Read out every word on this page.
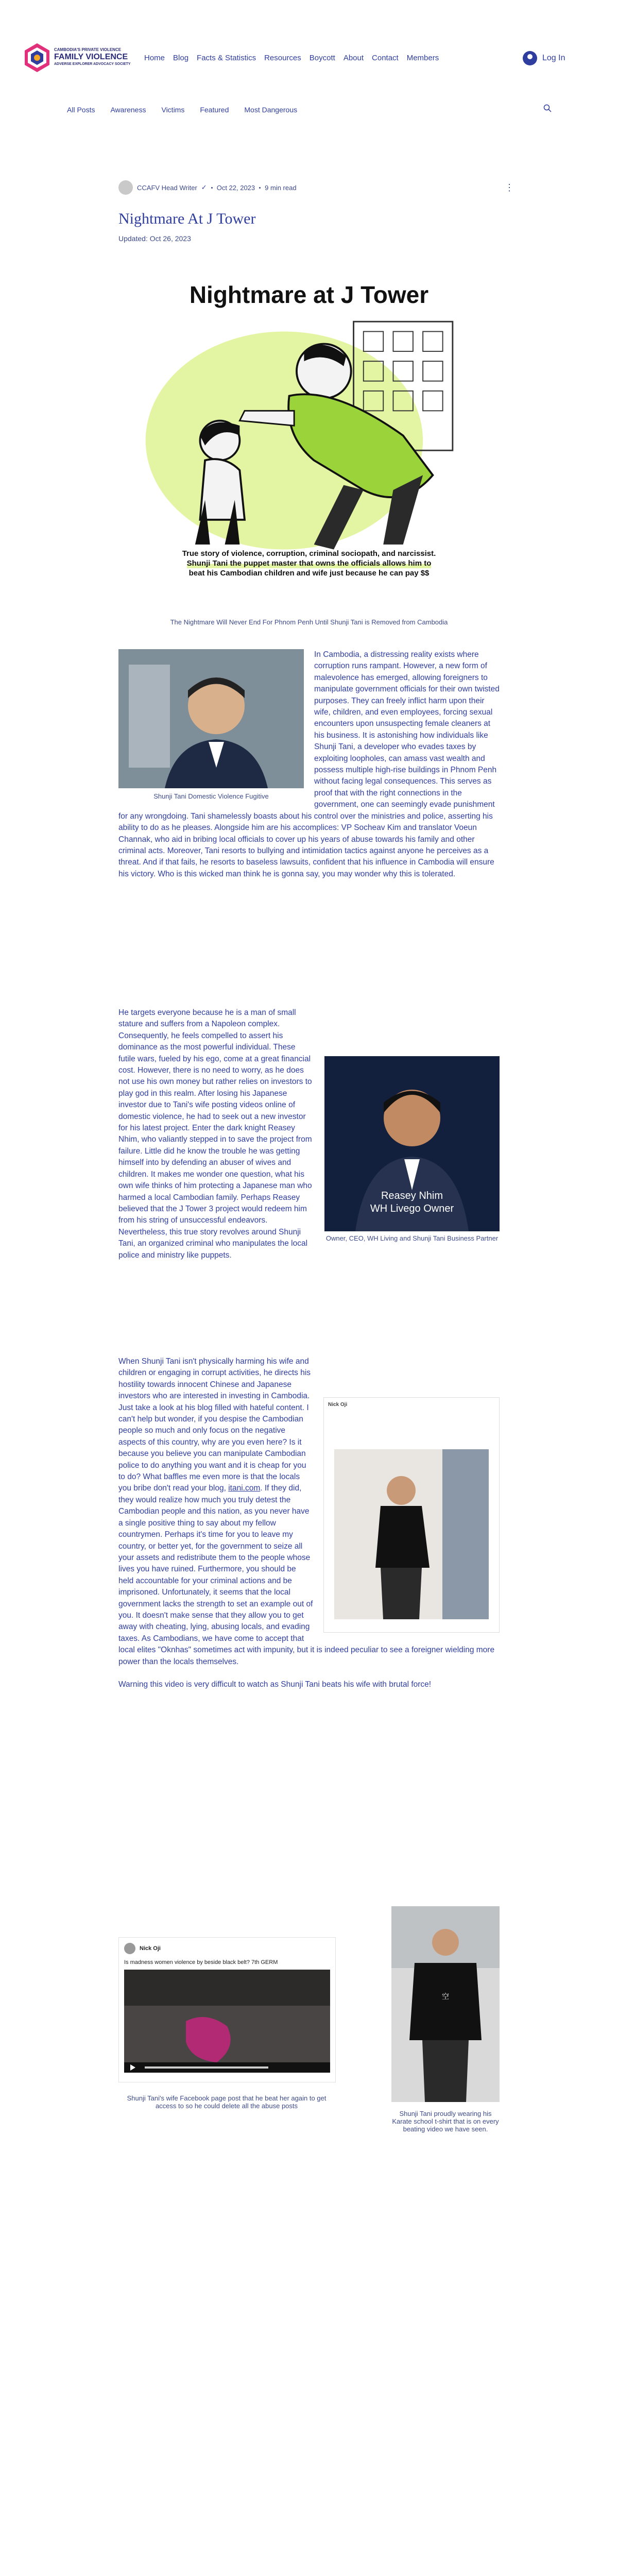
CAMBODIA'S PRIVATE VIOLENCE
FAMILY VIOLENCE
ADVERSE EXPLORER ADVOCACY SOCIETY
Home Blog Facts & Statistics Resources Boycott About Contact Members	Log In
All Posts Awareness Victims Featured Most Dangerous
CCAFV Head Writer ✓ Oct 22, 2023 9 min read	⋮
Nightmare At J Tower
Updated: Oct 26, 2023
Nightmare at J Tower
True story of violence, corruption, criminal sociopath, and narcissist.
Shunji Tani the puppet master that owns the officials allows him to
beat his Cambodian children and wife just because he can pay $$
The Nightmare Will Never End For Phnom Penh Until Shunji Tani is Removed from Cambodia
Shunji Tani Domestic Violence Fugitive

In Cambodia, a distressing reality exists where corruption runs rampant. However, a new form of malevolence has emerged, allowing foreigners to manipulate government officials for their own twisted purposes. They can freely inflict harm upon their wife, children, and even employees, forcing sexual encounters upon unsuspecting female cleaners at his business. It is astonishing how individuals like Shunji Tani, a developer who evades taxes by exploiting loopholes, can amass vast wealth and possess multiple high-rise buildings in Phnom Penh without facing legal consequences. This serves as proof that with the right connections in the government, one can seemingly evade punishment for any wrongdoing. Tani shamelessly boasts about his control over the ministries and police, asserting his ability to do as he pleases. Alongside him are his accomplices: VP Socheav Kim and translator Voeun Channak, who aid in bribing local officials to cover up his years of abuse towards his family and other criminal acts. Moreover, Tani resorts to bullying and intimidation tactics against anyone he perceives as a threat. And if that fails, he resorts to baseless lawsuits, confident that his influence in Cambodia will ensure his victory. Who is this wicked man think he is gonna say, you may wonder why this is tolerated.

Reasey Nhim
WH Livego Owner
Owner, CEO, WH Living and Shunji Tani Business Partner

He targets everyone because he is a man of small stature and suffers from a Napoleon complex. Consequently, he feels compelled to assert his dominance as the most powerful individual. These futile wars, fueled by his ego, come at a great financial cost. However, there is no need to worry, as he does not use his own money but rather relies on investors to play god in this realm. After losing his Japanese investor due to Tani's wife posting videos online of domestic violence, he had to seek out a new investor for his latest project. Enter the dark knight Reasey Nhim, who valiantly stepped in to save the project from failure. Little did he know the trouble he was getting himself into by defending an abuser of wives and children. It makes me wonder one question, what his own wife thinks of him protecting a Japanese man who harmed a local Cambodian family. Perhaps Reasey believed that the J Tower 3 project would redeem him from his string of unsuccessful endeavors. Nevertheless, this true story revolves around Shunji Tani, an organized criminal who manipulates the local police and ministry like puppets.

Nick Oji

When Shunji Tani isn't physically harming his wife and children or engaging in corrupt activities, he directs his hostility towards innocent Chinese and Japanese investors who are interested in investing in Cambodia. Just take a look at his blog filled with hateful content. I can't help but wonder, if you despise the Cambodian people so much and only focus on the negative aspects of this country, why are you even here? Is it because you believe you can manipulate Cambodian police to do anything you want and it is cheap for you to do? What baffles me even more is that the locals you bribe don't read your blog, itani.com. If they did, they would realize how much you truly detest the Cambodian people and this nation, as you never have a single positive thing to say about my fellow countrymen. Perhaps it's time for you to leave my country, or better yet, for the government to seize all your assets and redistribute them to the people whose lives you have ruined. Furthermore, you should be held accountable for your criminal actions and be imprisoned. Unfortunately, it seems that the local government lacks the strength to set an example out of you. It doesn't make sense that they allow you to get away with cheating, lying, abusing locals, and evading taxes. As Cambodians, we have come to accept that local elites "Oknhas" sometimes act with impunity, but it is indeed peculiar to see a foreigner wielding more power than the locals themselves.

Warning this video is very difficult to watch as Shunji Tani beats his wife with brutal force!

Nick Oji
Is madness women violence by beside black belt? 7th GERM
Shunji Tani's wife Facebook page post that he beat her again to get access to so he could delete all the abuse posts
空
Shunji Tani proudly wearing his Karate school t-shirt that is on every beating video we have seen.
